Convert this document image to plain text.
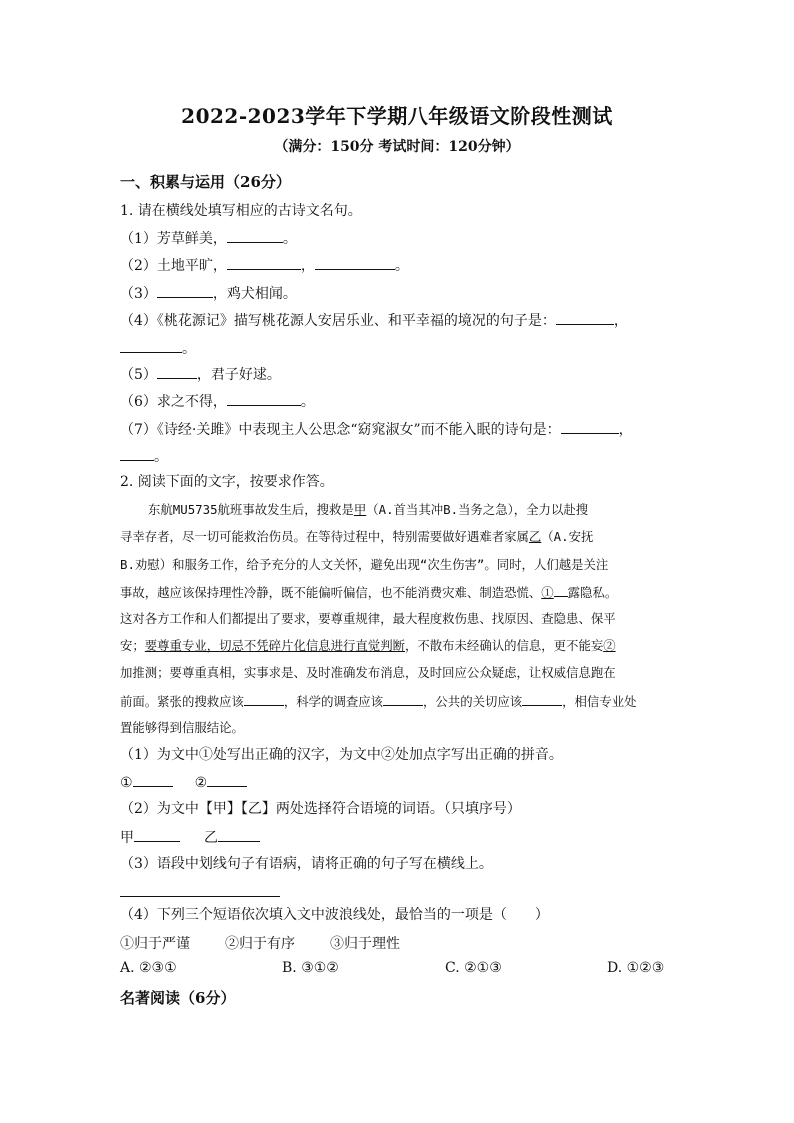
2022-2023学年下学期八年级语文阶段性测试
（满分：150分 考试时间：120分钟）
一、积累与运用（26分）
1. 请在横线处填写相应的古诗文名句。
（1）芳草鲜美，	。
（2）土地平旷，	，	。
（3）	，鸡犬相闻。
（4）《桃花源记》描写桃花源人安居乐业、和平幸福的境况的句子是：	，
。
（5）	，君子好逑。
（6）求之不得，	。
（7）《诗经·关雎》中表现主人公思念“窈窕淑女”而不能入眠的诗句是：	，
。
2. 阅读下面的文字，按要求作答。
东航MU5735航班事故发生后，搜救是甲（A.首当其冲B.当务之急），全力以赴搜
寻幸存者，尽一切可能救治伤员。在等待过程中，特别需要做好遇难者家属乙（A.安抚
B.劝慰）和服务工作，给予充分的人文关怀，避免出现“次生伤害”。同时，人们越是关注
事故，越应该保持理性冷静，既不能偏听偏信，也不能消费灾难、制造恐慌、① 露隐私。
这对各方工作和人们都提出了要求，要尊重规律，最大程度救伤患、找原因、查隐患、保平
安；要尊重专业，切忌不凭碎片化信息进行直觉判断，不散布未经确认的信息，更不能妄②
加推测；要尊重真相，实事求是、及时准确发布消息，及时回应公众疑虑，让权威信息跑在
前面。紧张的搜救应该	，科学的调查应该	，公共的关切应该	，相信专业处
置能够得到信服结论。
（1）为文中①处写出正确的汉字，为文中②处加点字写出正确的拼音。
①	②
（2）为文中【甲】【乙】两处选择符合语境的词语。（只填序号）
甲	乙
（3）语段中划线句子有语病，请将正确的句子写在横线上。
（4）下列三个短语依次填入文中波浪线处，最恰当的一项是（　　）
①归于严谨	②归于有序	③归于理性
A. ②③①	B. ③①②	C. ②①③	D. ①②③
名著阅读（6分）
